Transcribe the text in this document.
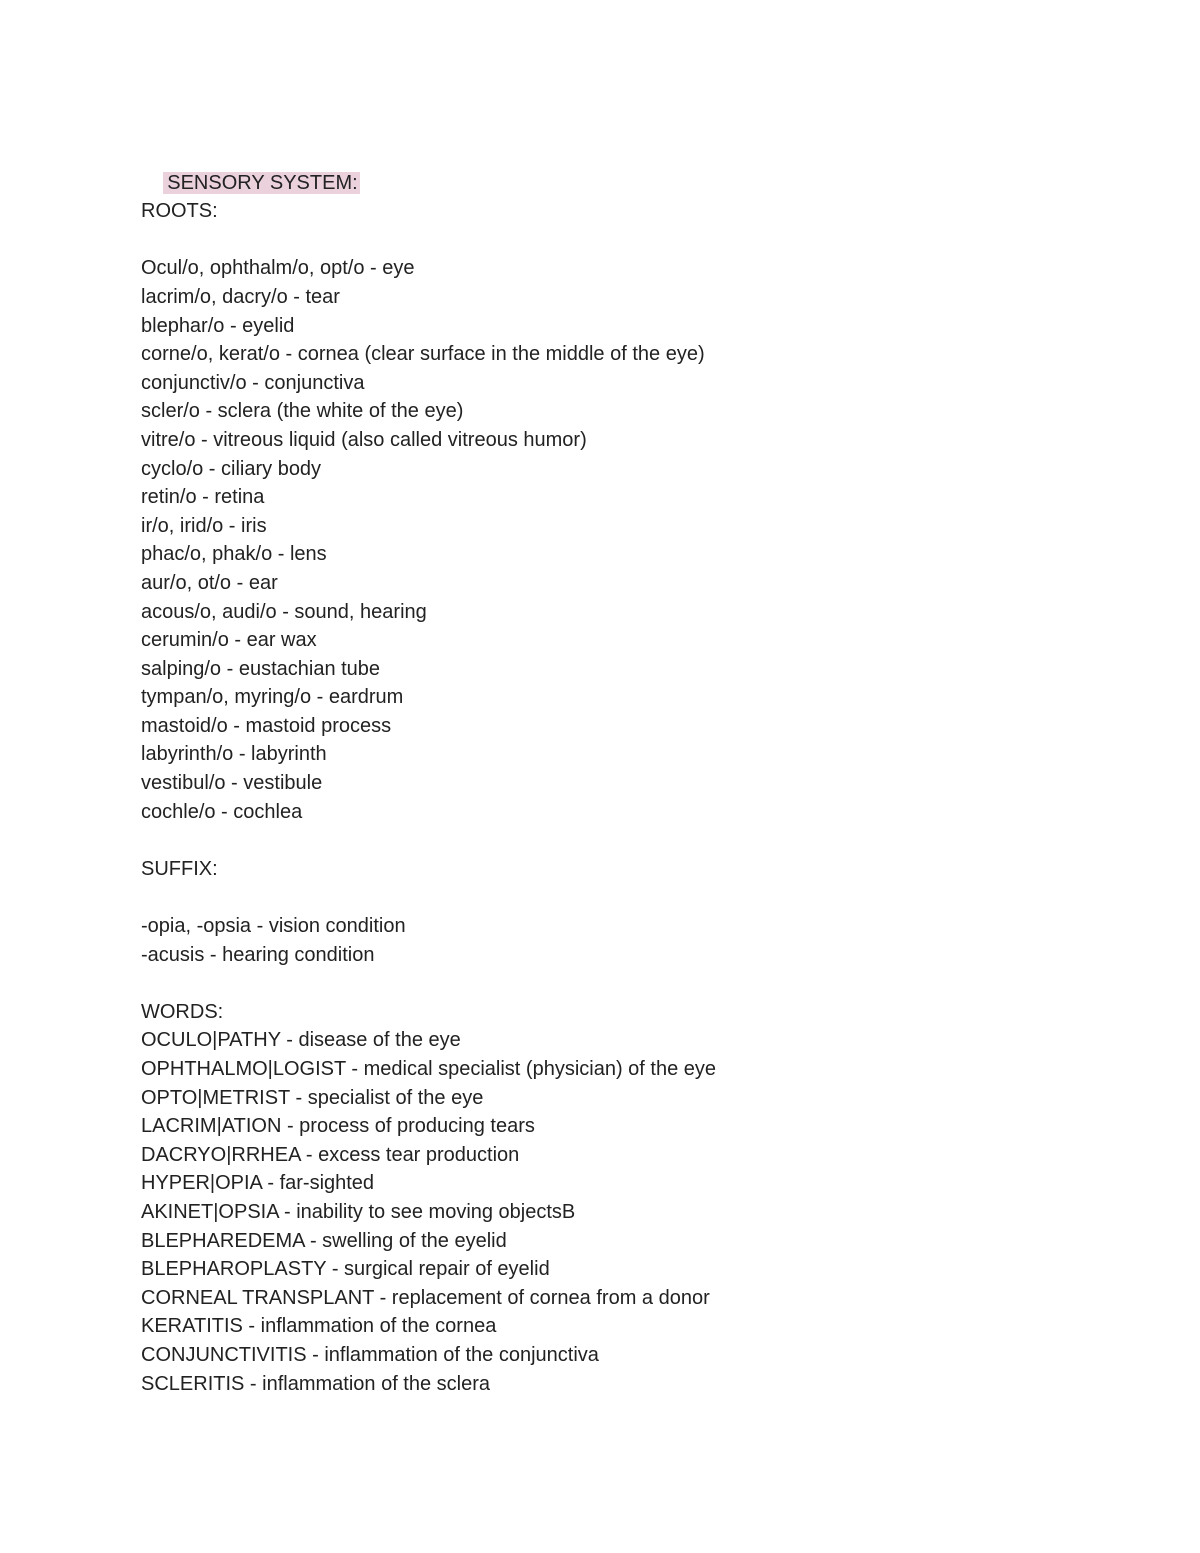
SENSORY SYSTEM:

ROOTS:
Ocul/o, ophthalm/o, opt/o - eye
lacrim/o, dacry/o - tear
blephar/o - eyelid
corne/o, kerat/o - cornea (clear surface in the middle of the eye)
conjunctiv/o - conjunctiva
scler/o - sclera (the white of the eye)
vitre/o - vitreous liquid (also called vitreous humor)
cyclo/o - ciliary body
retin/o - retina
ir/o, irid/o - iris
phac/o, phak/o - lens
aur/o, ot/o - ear
acous/o, audi/o - sound, hearing
cerumin/o - ear wax
salping/o - eustachian tube
tympan/o, myring/o - eardrum
mastoid/o - mastoid process
labyrinth/o - labyrinth
vestibul/o - vestibule
cochle/o - cochlea
SUFFIX:
-opia, -opsia - vision condition
-acusis - hearing condition
WORDS:
OCULO|PATHY - disease of the eye
OPHTHALMO|LOGIST - medical specialist (physician) of the eye
OPTO|METRIST - specialist of the eye
LACRIM|ATION - process of producing tears
DACRYO|RRHEA - excess tear production
HYPER|OPIA - far-sighted
AKINET|OPSIA - inability to see moving objectsB
BLEPHAREDEMA - swelling of the eyelid
BLEPHAROPLASTY - surgical repair of eyelid
CORNEAL TRANSPLANT - replacement of cornea from a donor
KERATITIS - inflammation of the cornea
CONJUNCTIVITIS - inflammation of the conjunctiva
SCLERITIS - inflammation of the sclera
